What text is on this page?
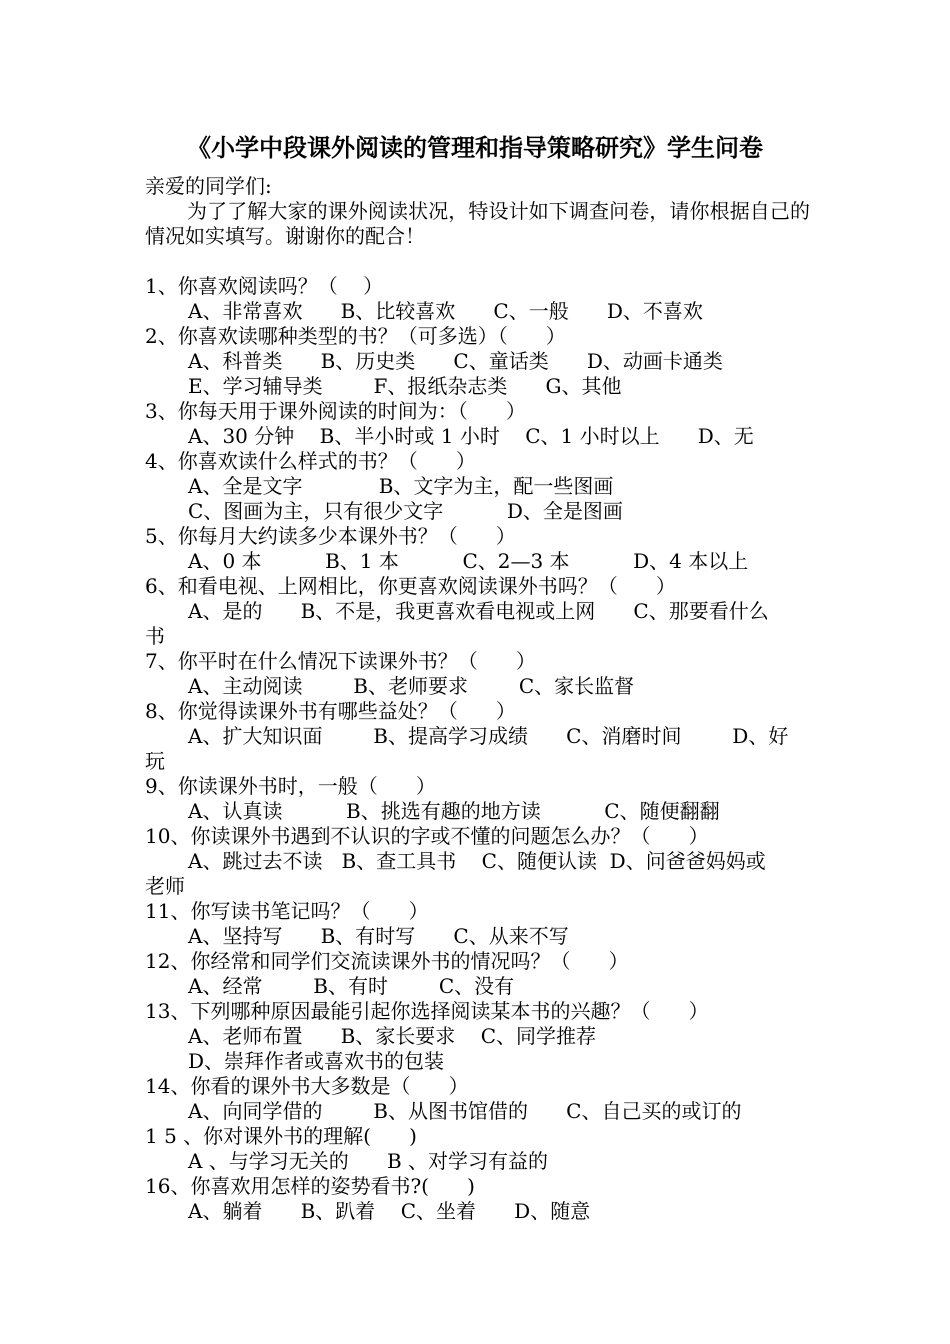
《小学中段课外阅读的管理和指导策略研究》学生问卷
亲爱的同学们:
为了了解大家的课外阅读状况，特设计如下调查问卷，请你根据自己的情况如实填写。谢谢你的配合！
1、你喜欢阅读吗？（    ）
A、非常喜欢      B、比较喜欢      C、一般      D、不喜欢
2、你喜欢读哪种类型的书？（可多选）（      ）
A、科普类      B、历史类      C、童话类      D、动画卡通类
E、学习辅导类        F、报纸杂志类      G、其他
3、你每天用于课外阅读的时间为：（      ）
A、30 分钟    B、半小时或 1 小时    C、1 小时以上      D、无
4、你喜欢读什么样式的书？（      ）
A、全是文字            B、文字为主，配一些图画
C、图画为主，只有很少文字          D、全是图画
5、你每月大约读多少本课外书？（      ）
A、0 本          B、1 本          C、2—3 本          D、4 本以上
6、和看电视、上网相比，你更喜欢阅读课外书吗？（      ）
A、是的      B、不是，我更喜欢看电视或上网      C、那要看什么
书
7、你平时在什么情况下读课外书？（      ）
A、主动阅读        B、老师要求        C、家长监督
8、你觉得读课外书有哪些益处？（      ）
A、扩大知识面        B、提高学习成绩      C、消磨时间        D、好
玩
9、你读课外书时，一般（      ）
A、认真读          B、挑选有趣的地方读          C、随便翻翻
10、你读课外书遇到不认识的字或不懂的问题怎么办？（      ）
A、跳过去不读   B、查工具书    C、随便认读  D、问爸爸妈妈或
老师
11、你写读书笔记吗？（      ）
A、坚持写      B、有时写      C、从来不写
12、你经常和同学们交流读课外书的情况吗？（      ）
A、经常        B、有时        C、没有
13、下列哪种原因最能引起你选择阅读某本书的兴趣？（      ）
A、老师布置      B、家长要求    C、同学推荐
D、崇拜作者或喜欢书的包装
14、你看的课外书大多数是（      ）
A、向同学借的        B、从图书馆借的      C、自己买的或订的
1 5 、你对课外书的理解(      )
A 、与学习无关的      B 、对学习有益的
16、你喜欢用怎样的姿势看书?(      )
A、躺着      B、趴着    C、坐着      D、随意
